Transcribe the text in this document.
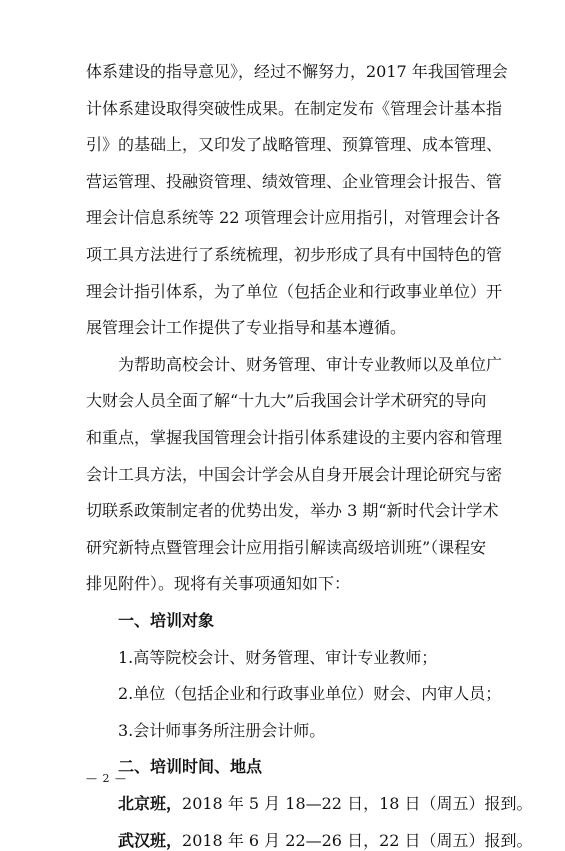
体系建设的指导意见》，经过不懈努力，2017 年我国管理会
计体系建设取得突破性成果。在制定发布《管理会计基本指
引》的基础上，又印发了战略管理、预算管理、成本管理、
营运管理、投融资管理、绩效管理、企业管理会计报告、管
理会计信息系统等 22 项管理会计应用指引，对管理会计各
项工具方法进行了系统梳理，初步形成了具有中国特色的管
理会计指引体系，为了单位（包括企业和行政事业单位）开
展管理会计工作提供了专业指导和基本遵循。
为帮助高校会计、财务管理、审计专业教师以及单位广
大财会人员全面了解“十九大”后我国会计学术研究的导向
和重点，掌握我国管理会计指引体系建设的主要内容和管理
会计工具方法，中国会计学会从自身开展会计理论研究与密
切联系政策制定者的优势出发，举办 3 期“新时代会计学术
研究新特点暨管理会计应用指引解读高级培训班”（课程安
排见附件）。现将有关事项通知如下：
一、培训对象
1.高等院校会计、财务管理、审计专业教师；
2.单位（包括企业和行政事业单位）财会、内审人员；
3.会计师事务所注册会计师。
二、培训时间、地点
北京班，2018 年 5 月 18—22 日，18 日（周五）报到。
武汉班，2018 年 6 月 22—26 日，22 日（周五）报到。
— 2 —
